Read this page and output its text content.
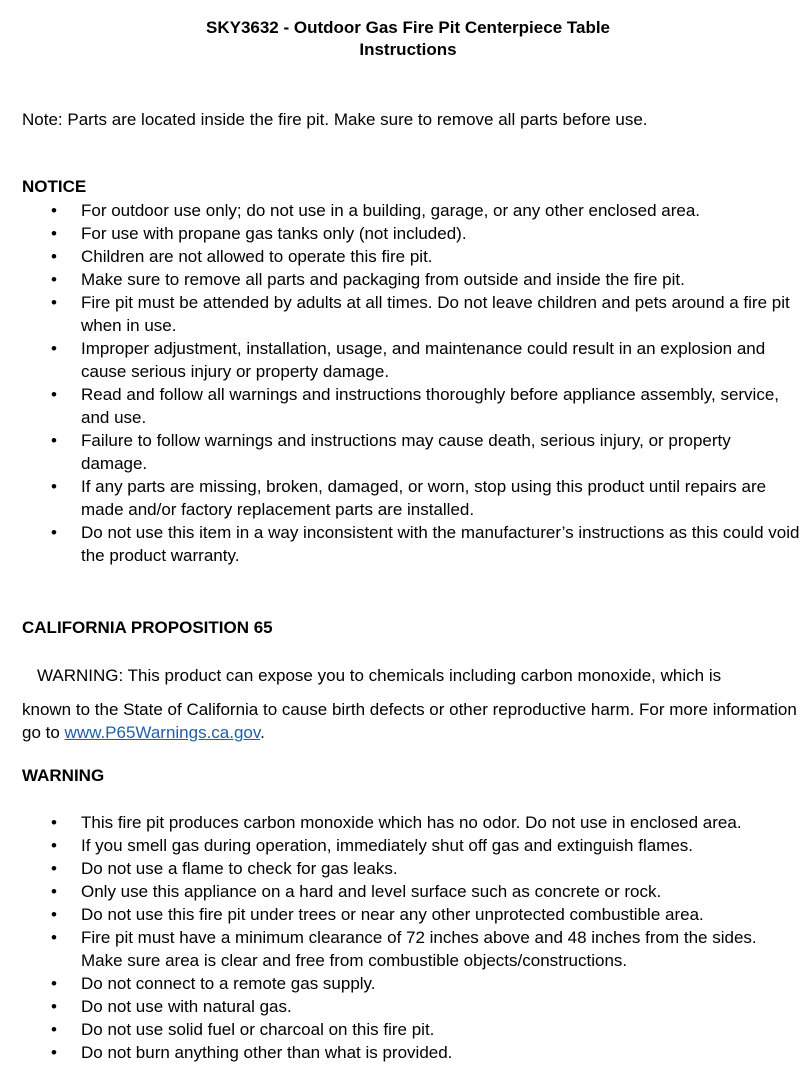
SKY3632 - Outdoor Gas Fire Pit Centerpiece Table
Instructions
Note: Parts are located inside the fire pit. Make sure to remove all parts before use.
NOTICE
• For outdoor use only; do not use in a building, garage, or any other enclosed area.
• For use with propane gas tanks only (not included).
• Children are not allowed to operate this fire pit.
• Make sure to remove all parts and packaging from outside and inside the fire pit.
• Fire pit must be attended by adults at all times. Do not leave children and pets around a fire pit when in use.
• Improper adjustment, installation, usage, and maintenance could result in an explosion and cause serious injury or property damage.
• Read and follow all warnings and instructions thoroughly before appliance assembly, service, and use.
• Failure to follow warnings and instructions may cause death, serious injury, or property damage.
• If any parts are missing, broken, damaged, or worn, stop using this product until repairs are made and/or factory replacement parts are installed.
• Do not use this item in a way inconsistent with the manufacturer’s instructions as this could void the product warranty.
CALIFORNIA PROPOSITION 65
WARNING: This product can expose you to chemicals including carbon monoxide, which is
known to the State of California to cause birth defects or other reproductive harm. For more information go to www.P65Warnings.ca.gov.
WARNING
• This fire pit produces carbon monoxide which has no odor. Do not use in enclosed area.
• If you smell gas during operation, immediately shut off gas and extinguish flames.
• Do not use a flame to check for gas leaks.
• Only use this appliance on a hard and level surface such as concrete or rock.
• Do not use this fire pit under trees or near any other unprotected combustible area.
• Fire pit must have a minimum clearance of 72 inches above and 48 inches from the sides. Make sure area is clear and free from combustible objects/constructions.
• Do not connect to a remote gas supply.
• Do not use with natural gas.
• Do not use solid fuel or charcoal on this fire pit.
• Do not burn anything other than what is provided.
